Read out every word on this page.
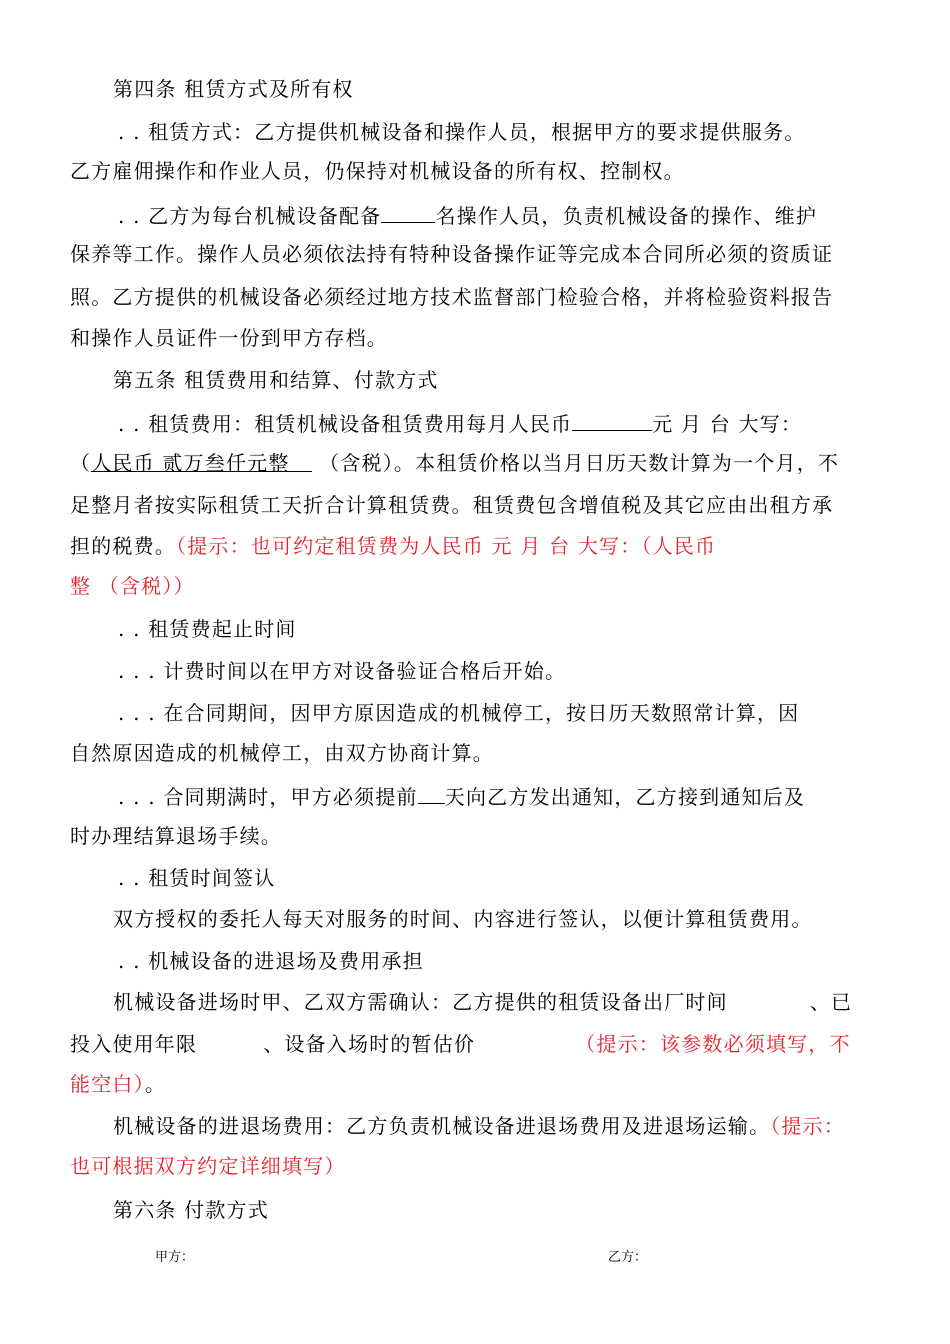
第四条 租赁方式及所有权
. . 租赁方式：乙方提供机械设备和操作人员，根据甲方的要求提供服务。
乙方雇佣操作和作业人员，仍保持对机械设备的所有权、控制权。
. . 乙方为每台机械设备配备	名操作人员，负责机械设备的操作、维护
保养等工作。操作人员必须依法持有特种设备操作证等完成本合同所必须的资质证
照。乙方提供的机械设备必须经过地方技术监督部门检验合格，并将检验资料报告
和操作人员证件一份到甲方存档。
第五条 租赁费用和结算、付款方式
. . 租赁费用：租赁机械设备租赁费用每月人民币	元 月 台 大写：
（人民币 贰万叁仟元整 （含税）。本租赁价格以当月日历天数计算为一个月，不
足整月者按实际租赁工天折合计算租赁费。租赁费包含增值税及其它应由出租方承
担的税费。（提示：也可约定租赁费为人民币 元 月 台 大写：（人民币
整 （含税））
. . 租赁费起止时间
. . . 计费时间以在甲方对设备验证合格后开始。
. . . 在合同期间，因甲方原因造成的机械停工，按日历天数照常计算，因
自然原因造成的机械停工，由双方协商计算。
. . . 合同期满时，甲方必须提前 天向乙方发出通知，乙方接到通知后及
时办理结算退场手续。
. . 租赁时间签认
双方授权的委托人每天对服务的时间、内容进行签认，以便计算租赁费用。
. . 机械设备的进退场及费用承担
机械设备进场时甲、乙双方需确认：乙方提供的租赁设备出厂时间	、已
投入使用年限	、设备入场时的暂估价	（提示：该参数必须填写，不
能空白）。
机械设备的进退场费用：乙方负责机械设备进退场费用及进退场运输。（提示：
也可根据双方约定详细填写）
第六条 付款方式
甲方：	乙方：
